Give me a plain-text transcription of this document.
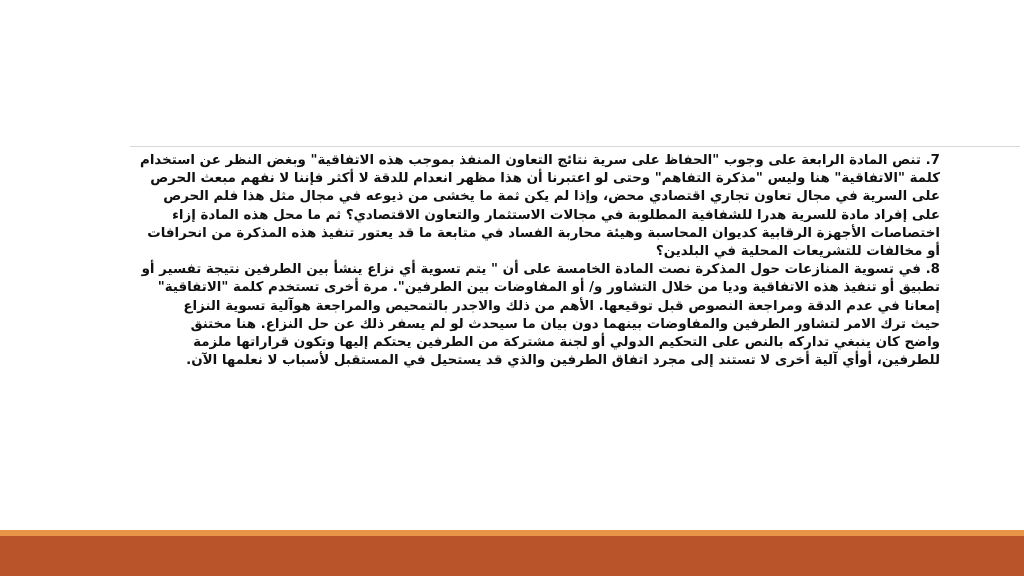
7. تنص المادة الرابعة على وجوب "الحفاظ على سرية نتائج التعاون المنفذ بموجب هذه الاتفاقية" وبغض النظر عن استخدام
كلمة "الاتفاقية" هنا وليس "مذكرة التفاهم" وحتى لو اعتبرنا أن هذا مظهر انعدام للدقة لا أكثر فإننا لا نفهم مبعث الحرص
على السرية في مجال تعاون تجاري اقتصادي محض، وإذا لم يكن ثمة ما يخشى من ذيوعه في مجال مثل هذا فلم الحرص
على إفراد مادة للسرية هدرا للشفافية المطلوبة في مجالات الاستثمار والتعاون الاقتصادي؟ ثم ما محل هذه المادة إزاء
اختصاصات الأجهزة الرقابية كديوان المحاسبة وهيئة محاربة الفساد في متابعة ما قد يعتور تنفيذ هذه المذكرة من انحرافات
أو مخالفات للتشريعات المحلية في البلدين؟

8. في تسوية المنازعات حول المذكرة نصت المادة الخامسة على أن " يتم تسوية أي نزاع ينشأ بين الطرفين نتيجة تفسير أو
تطبيق أو تنفيذ هذه الاتفاقية وديا من خلال التشاور و/ أو المفاوضات بين الطرفين". مرة أخرى تستخدم كلمة "الاتفاقية"
إمعانا في عدم الدقة ومراجعة النصوص قبل توقيعها. الأهم من ذلك والاجدر بالتمحيص والمراجعة هوآلية تسوية النزاع
حيث ترك الامر لتشاور الطرفين والمفاوضات بينهما دون بيان ما سيحدث لو لم يسفر ذلك عن حل النزاع. هنا مختنق
واضح كان ينبغي تداركه بالنص على التحكيم الدولي أو لجنة مشتركة من الطرفين يحتكم إليها وتكون قراراتها ملزمة
للطرفين، أوأي آلية أخرى لا تستند إلى مجرد اتفاق الطرفين والذي قد يستحيل في المستقبل لأسباب لا نعلمها الآن.
